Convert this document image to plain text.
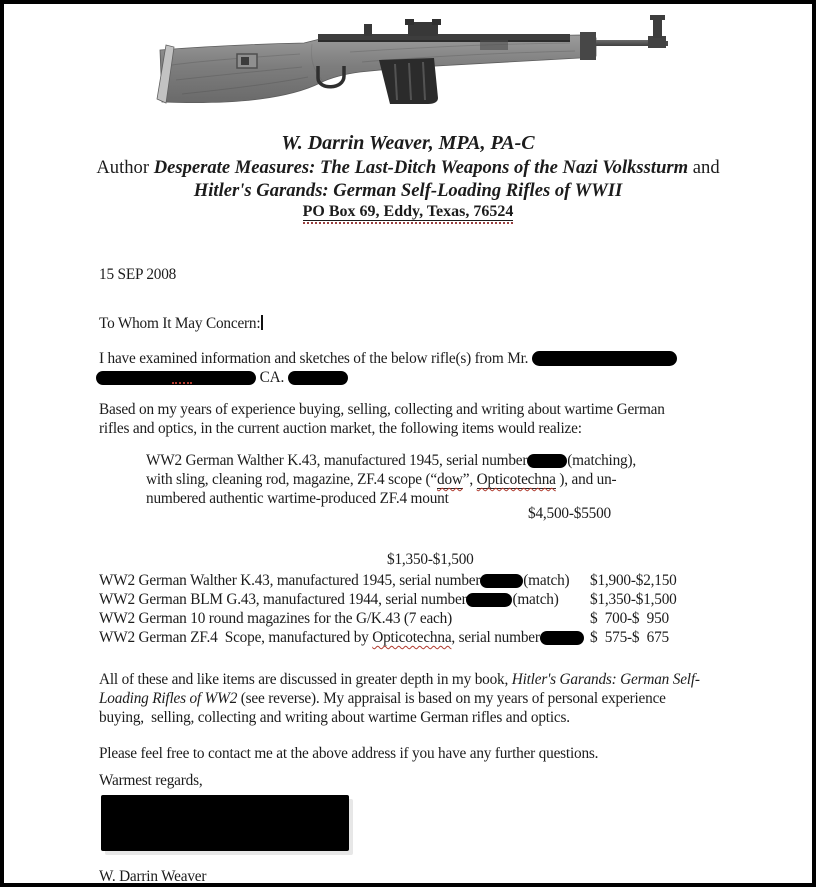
W. Darrin Weaver, MPA, PA-C
Author Desperate Measures: The Last-Ditch Weapons of the Nazi Volkssturm and
Hitler's Garands: German Self-Loading Rifles of WWII
PO Box 69, Eddy, Texas, 76524
15 SEP 2008
To Whom It May Concern:
I have examined information and sketches of the below rifle(s) from Mr.
CA.
Based on my years of experience buying, selling, collecting and writing about wartime German
rifles and optics, in the current auction market, the following items would realize:
WW2 German Walther K.43, manufactured 1945, serial number	(matching),
with sling, cleaning rod, magazine, ZF.4 scope (“dow”, Opticotechna ), and un-
numbered authentic wartime-produced ZF.4 mount
$4,500-$5500
$1,350-$1,500
WW2 German Walther K.43, manufactured 1945, serial number	(match) $1,900-$2,150
WW2 German BLM G.43, manufactured 1944, serial number	(match) $1,350-$1,500
WW2 German 10 round magazines for the G/K.43 (7 each)	$  700-$  950
WW2 German ZF.4  Scope, manufactured by Opticotechna, serial number	$  575-$  675
All of these and like items are discussed in greater depth in my book, Hitler's Garands: German Self-
Loading Rifles of WW2 (see reverse). My appraisal is based on my years of personal experience
buying,  selling, collecting and writing about wartime German rifles and optics.
Please feel free to contact me at the above address if you have any further questions.
Warmest regards,
W. Darrin Weaver
